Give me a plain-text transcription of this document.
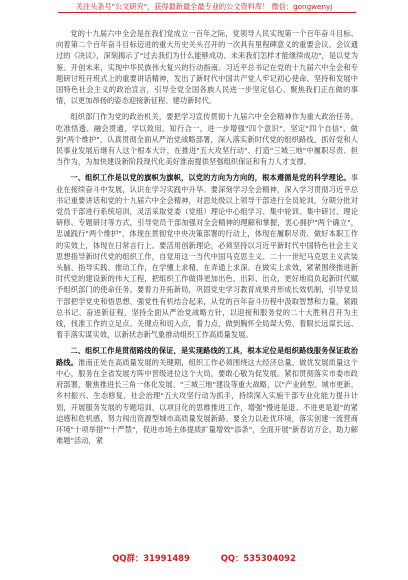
关注头条号"公文研究"，获得最新最全最专业的公文资料库！ 微信：gongwenyj

党的十九届六中全会是在我们党成立一百年之际，党领导人民实现第一个百年奋斗目标、向着第二个百年奋斗目标迈进的重大历史关头召开的一次具有里程碑意义的重要会议。会议通过的《决议》，深刻揭示了"过去我们为什么能够成功、未来我们怎样才能继续成功"，是以党为鉴、开创未来，实现中华民族伟大复兴的行动指南。习近平总书记在党的十九届六中全会和专题研讨班开班式上的重要讲话精神，发出了新时代中国共产党人牢记初心使命、坚持和发展中国特色社会主义的政治宣言，引导全党全国各族人民进一步坚定信心、聚焦我们正在做的事情，以更加昂扬的姿态迎接新征程、建功新时代。

组织部门作为党的政治机关，要把学习宣传贯彻十九届六中全会精神作为重大政治任务，吃准悟透、融会贯通，学以致用、知行合一，进一步增强"四个意识"、坚定"四个自信"、做到"两个维护"，认真贯彻全面从严治党战略部署，深入落实新时代党的组织路线，抓好党和人民事业发展后继有人这个根本大计，在推进"五大攻坚行动"、打造"三城三地"中履职尽责、担当作为，为加快建设新阶段现代化美好淮南提供坚强组织保证和有力人才支撑。

一、组织工作是以党的旗帜为旗帜，以党的方向为方向的，根本遵循是党的科学理论。事业在接续奋斗中发展，认识在学习实践中升华。要深刻学习全会精神，深入学习贯彻习近平总书记重要讲话和党的十九届六中全会精神，对思处级以上领导干部进行全员轮训，分期分批对党员干部进行系统培训，灵活采取党委（党组）理论中心组学习、集中轮训、集中研讨、理论研修、专题研讨等方式，引导党员干部加强对全会精神的理解和掌握，衷心拥护"两个确立"，忠诚践行"两个维护"，体现在贯彻党中央决策部署的行动上，体现在履职尽责、做好本职工作的实效上，体现在日常言行上。要活用创新理论，必须坚持以习近平新时代中国特色社会主义思想指导新时代党的组织工作，自觉用这一当代中国马克思主义、二十一世纪马克思主义武装头脑、指导实践、推动工作，在学懂上求精、在弄通上求深、在做实上求效，紧紧围绕推进新时代党的建设新的伟大工程，把组织工作做得更加出色、出彩、出众，更好地肩负起新时代赋予组织部门的使命任务。要着力开拓新局，巩固党史学习教育成果并形成长效机制，引导党员干部把学党史和悟思想、强党性有机结合起来，从党的百年奋斗历程中汲取智慧和力量，紧跟总书记、奋进新征程，坚持全面从严治党战略方针，以迎接和服务党的二十大胜利召开为主线，找准工作的立足点、关键点和切入点，着力点，做到胸怀全局谋大势、着眼长远谋长远、着手落实谋实效，以新状态新气象推动组织工作高质量发展。

二、组织工作是贯彻路线的保证，是实现路线的工具，根本定位是组织路线服务保证政治路线。淮南正处在高质量发展的关键期，组织工作必须围绕这大经济总量、做优发展质量这个中心，服务在全省发展方阵中晋级进位这个大局，要敢心敬为促发展。紧扣贯彻落实市委市政府部署，聚焦推进长三角一体化发展、"三城三地"建设等重大战略，以"产业转型、城市更新、乡村振兴、生态修复、社会治理"五大攻坚行动为抓手，持续深入实施干部专业化能力提升计划，开展服务发展的专题培训，以项目化的思维推进工作，增强"慢进是退、不进更是退"的紧迫感和危机感，努力闯出资源型城市高质量发展新路。要全力以赴优环境，落实创建一流营商环境"十项举措""十严禁"，促进市场主体提质扩量增效"添条"，全面开展"新春访万企、助力解难题"活动，紧

QQ群：31991489	QQ：535304092
